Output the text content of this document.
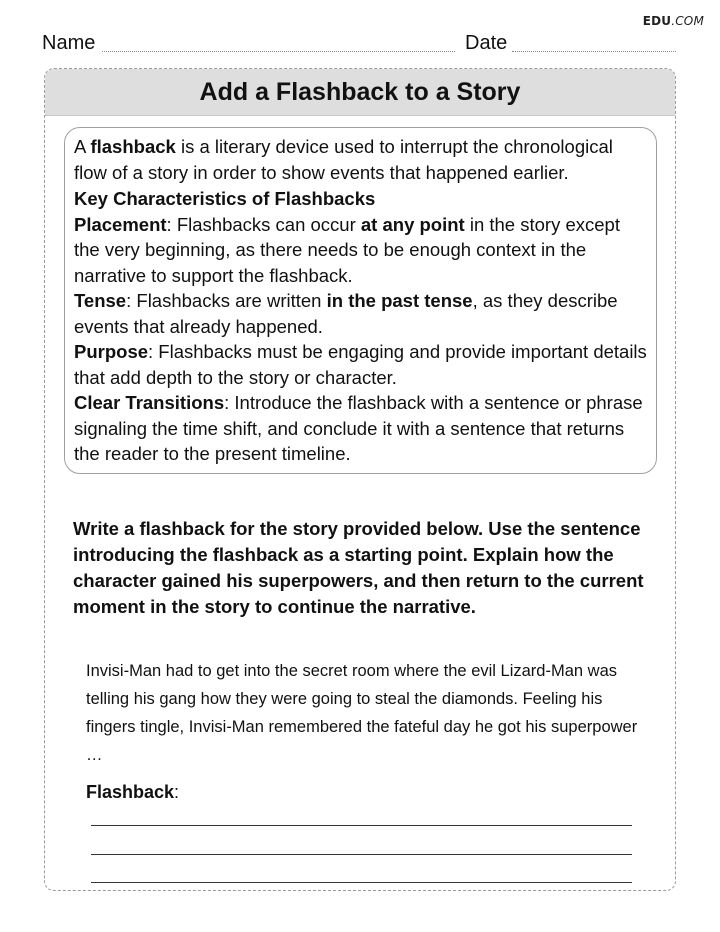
EDU.COM
Name	Date
Add a Flashback to a Story

A flashback is a literary device used to interrupt the chronological flow of a story in order to show events that happened earlier.

Key Characteristics of Flashbacks

Placement: Flashbacks can occur at any point in the story except the very beginning, as there needs to be enough context in the narrative to support the flashback.

Tense: Flashbacks are written in the past tense, as they describe events that already happened.

Purpose: Flashbacks must be engaging and provide important details that add depth to the story or character.

Clear Transitions: Introduce the flashback with a sentence or phrase signaling the time shift, and conclude it with a sentence that returns the reader to the present timeline.

Write a flashback for the story provided below. Use the sentence introducing the flashback as a starting point. Explain how the character gained his superpowers, and then return to the current moment in the story to continue the narrative.

Invisi-Man had to get into the secret room where the evil Lizard-Man was telling his gang how they were going to steal the diamonds. Feeling his fingers tingle, Invisi-Man remembered the fateful day he got his superpower …

Flashback:
